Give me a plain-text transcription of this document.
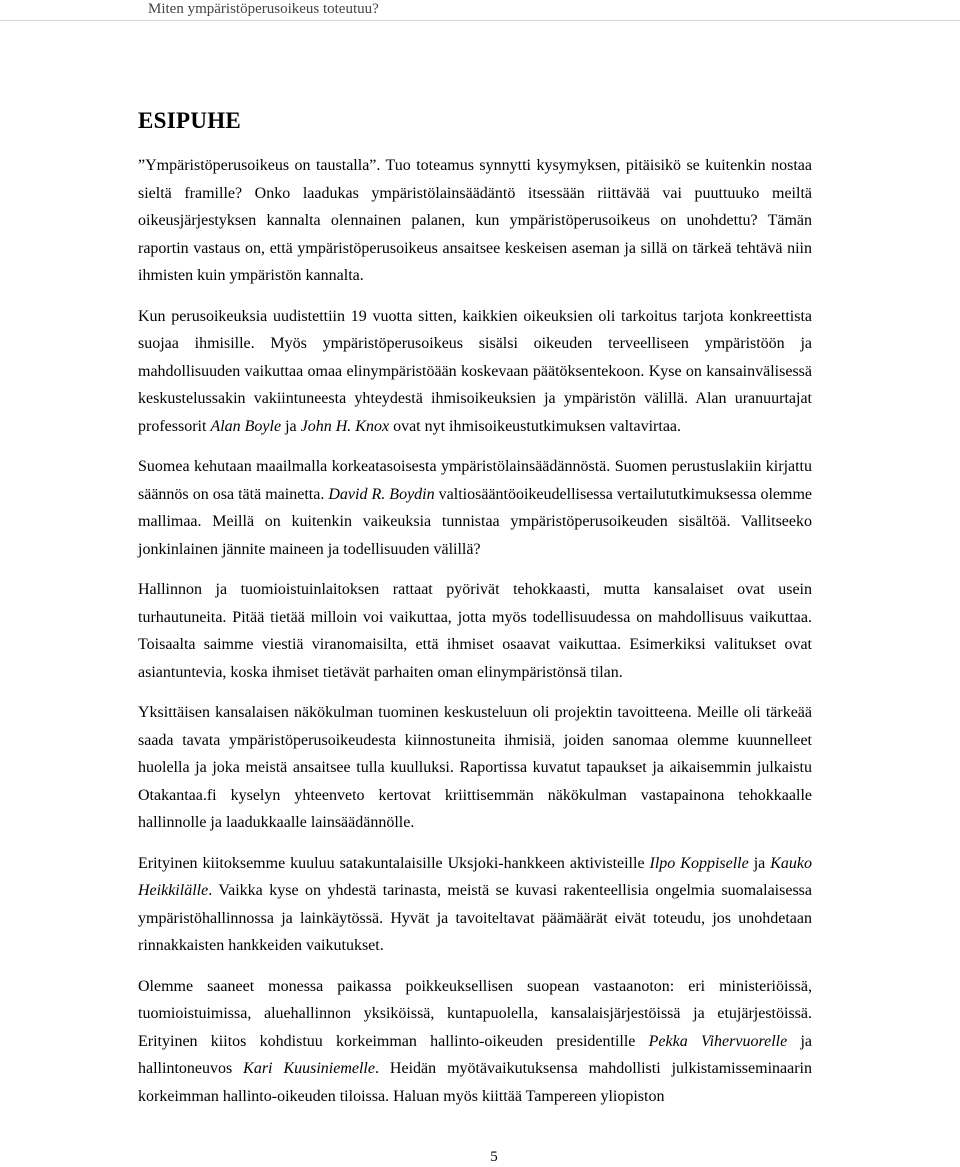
Miten ympäristöperusoikeus toteutuu?
ESIPUHE

”Ympäristöperusoikeus on taustalla”. Tuo toteamus synnytti kysymyksen, pitäisikö se kuitenkin nostaa sieltä framille? Onko laadukas ympäristölainsäädäntö itsessään riittävää vai puuttuuko meiltä oikeusjärjestyksen kannalta olennainen palanen, kun ympäristöperusoikeus on unohdettu? Tämän raportin vastaus on, että ympäristöperusoikeus ansaitsee keskeisen aseman ja sillä on tärkeä tehtävä niin ihmisten kuin ympäristön kannalta.

Kun perusoikeuksia uudistettiin 19 vuotta sitten, kaikkien oikeuksien oli tarkoitus tarjota konkreettista suojaa ihmisille. Myös ympäristöperusoikeus sisälsi oikeuden terveelliseen ympäristöön ja mahdollisuuden vaikuttaa omaa elinympäristöään koskevaan päätöksentekoon. Kyse on kansainvälisessä keskustelussakin vakiintuneesta yhteydestä ihmisoikeuksien ja ympäristön välillä. Alan uranuurtajat professorit Alan Boyle ja John H. Knox ovat nyt ihmisoikeustutkimuksen valtavirtaa.

Suomea kehutaan maailmalla korkeatasoisesta ympäristölainsäädännöstä. Suomen perustuslakiin kirjattu säännös on osa tätä mainetta. David R. Boydin valtiosääntöoikeudellisessa vertailututkimuksessa olemme mallimaa. Meillä on kuitenkin vaikeuksia tunnistaa ympäristöperusoikeuden sisältöä. Vallitseeko jonkinlainen jännite maineen ja todellisuuden välillä?

Hallinnon ja tuomioistuinlaitoksen rattaat pyörivät tehokkaasti, mutta kansalaiset ovat usein turhautuneita. Pitää tietää milloin voi vaikuttaa, jotta myös todellisuudessa on mahdollisuus vaikuttaa. Toisaalta saimme viestiä viranomaisilta, että ihmiset osaavat vaikuttaa. Esimerkiksi valitukset ovat asiantuntevia, koska ihmiset tietävät parhaiten oman elinympäristönsä tilan.

Yksittäisen kansalaisen näkökulman tuominen keskusteluun oli projektin tavoitteena. Meille oli tärkeää saada tavata ympäristöperusoikeudesta kiinnostuneita ihmisiä, joiden sanomaa olemme kuunnelleet huolella ja joka meistä ansaitsee tulla kuulluksi. Raportissa kuvatut tapaukset ja aikaisemmin julkaistu Otakantaa.fi kyselyn yhteenveto kertovat kriittisemmän näkökulman vastapainona tehokkaalle hallinnolle ja laadukkaalle lainsäädännölle.

Erityinen kiitoksemme kuuluu satakuntalaisille Uksjoki-hankkeen aktivisteille Ilpo Koppiselle ja Kauko Heikkilälle. Vaikka kyse on yhdestä tarinasta, meistä se kuvasi rakenteellisia ongelmia suomalaisessa ympäristöhallinnossa ja lainkäytössä. Hyvät ja tavoiteltavat päämäärät eivät toteudu, jos unohdetaan rinnakkaisten hankkeiden vaikutukset.

Olemme saaneet monessa paikassa poikkeuksellisen suopean vastaanoton: eri ministeriöissä, tuomioistuimissa, aluehallinnon yksiköissä, kuntapuolella, kansalaisjärjestöissä ja etujärjestöissä. Erityinen kiitos kohdistuu korkeimman hallinto-oikeuden presidentille Pekka Vihervuorelle ja hallintoneuvos Kari Kuusiniemelle. Heidän myötävaikutuksensa mahdollisti julkistamisseminaarin korkeimman hallinto-oikeuden tiloissa. Haluan myös kiittää Tampereen yliopiston

5
